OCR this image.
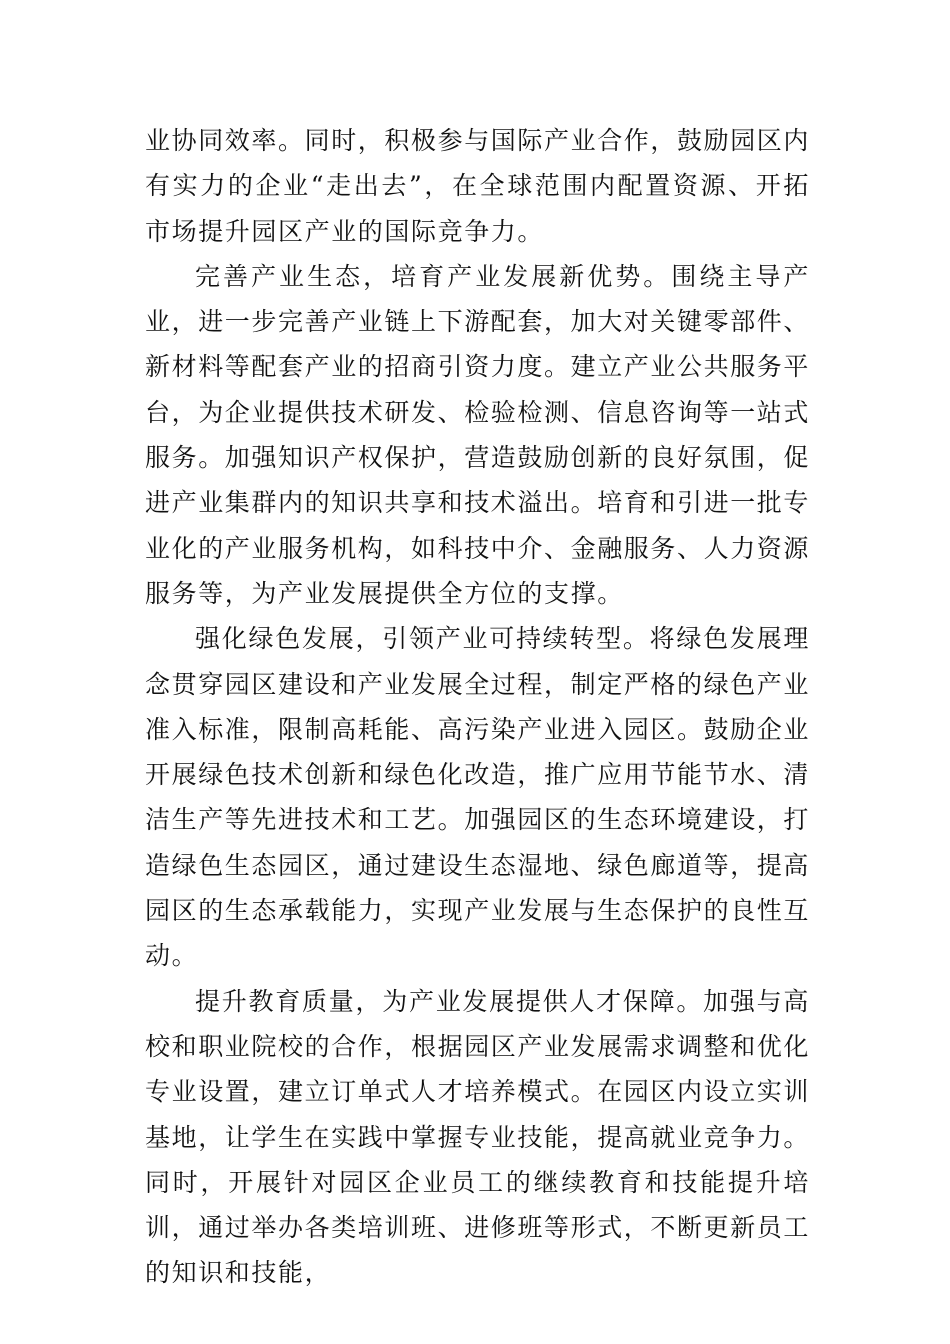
业协同效率。同时，积极参与国际产业合作，鼓励园区内有实力的企业“走出去”，在全球范围内配置资源、开拓市场提升园区产业的国际竞争力。

完善产业生态，培育产业发展新优势。围绕主导产业，进一步完善产业链上下游配套，加大对关键零部件、新材料等配套产业的招商引资力度。建立产业公共服务平台，为企业提供技术研发、检验检测、信息咨询等一站式服务。加强知识产权保护，营造鼓励创新的良好氛围，促进产业集群内的知识共享和技术溢出。培育和引进一批专业化的产业服务机构，如科技中介、金融服务、人力资源服务等，为产业发展提供全方位的支撑。

强化绿色发展，引领产业可持续转型。将绿色发展理念贯穿园区建设和产业发展全过程，制定严格的绿色产业准入标准，限制高耗能、高污染产业进入园区。鼓励企业开展绿色技术创新和绿色化改造，推广应用节能节水、清洁生产等先进技术和工艺。加强园区的生态环境建设，打造绿色生态园区，通过建设生态湿地、绿色廊道等，提高园区的生态承载能力，实现产业发展与生态保护的良性互动。

提升教育质量，为产业发展提供人才保障。加强与高校和职业院校的合作，根据园区产业发展需求调整和优化专业设置，建立订单式人才培养模式。在园区内设立实训基地，让学生在实践中掌握专业技能，提高就业竞争力。同时，开展针对园区企业员工的继续教育和技能提升培训，通过举办各类培训班、进修班等形式，不断更新员工的知识和技能，
